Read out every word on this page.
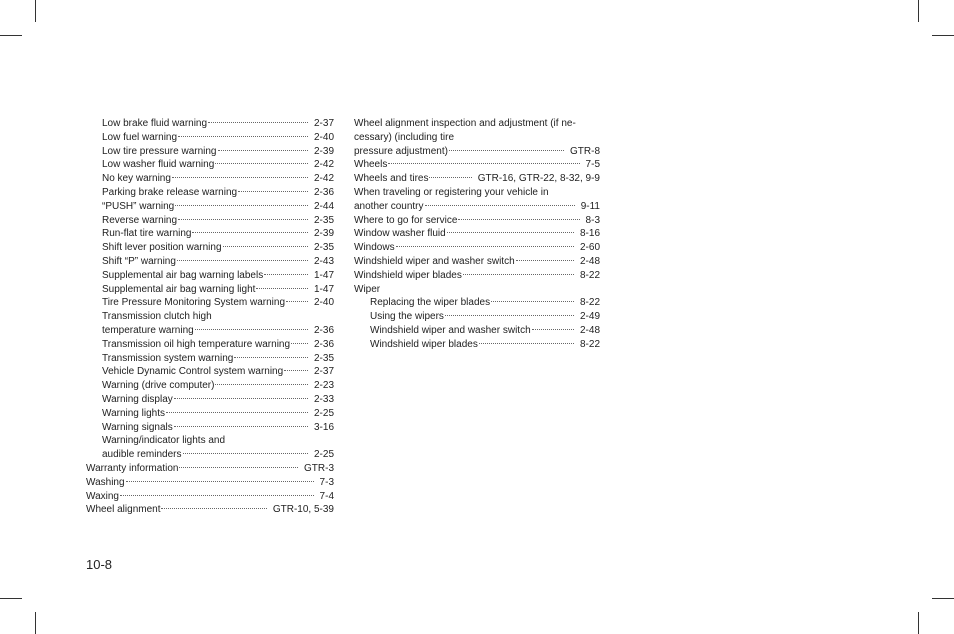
Low brake fluid warning	2-37
Low fuel warning	2-40
Low tire pressure warning	2-39
Low washer fluid warning	2-42
No key warning	2-42
Parking brake release warning	2-36
“PUSH” warning	2-44
Reverse warning	2-35
Run-flat tire warning	2-39
Shift lever position warning	2-35
Shift “P” warning	2-43
Supplemental air bag warning labels	1-47
Supplemental air bag warning light	1-47
Tire Pressure Monitoring System warning	2-40
Transmission clutch high
temperature warning	2-36
Transmission oil high temperature warning	2-36
Transmission system warning	2-35
Vehicle Dynamic Control system warning	2-37
Warning (drive computer)	2-23
Warning display	2-33
Warning lights	2-25
Warning signals	3-16
Warning/indicator lights and
audible reminders	2-25
Warranty information	GTR-3
Washing	7-3
Waxing	7-4
Wheel alignment	GTR-10, 5-39
Wheel alignment inspection and adjustment (if ne-
cessary) (including tire
pressure adjustment)	GTR-8
Wheels	7-5
Wheels and tires	GTR-16, GTR-22, 8-32, 9-9
When traveling or registering your vehicle in
another country	9-11
Where to go for service	8-3
Window washer fluid	8-16
Windows	2-60
Windshield wiper and washer switch	2-48
Windshield wiper blades	8-22
Wiper
Replacing the wiper blades	8-22
Using the wipers	2-49
Windshield wiper and washer switch	2-48
Windshield wiper blades	8-22
10-8
